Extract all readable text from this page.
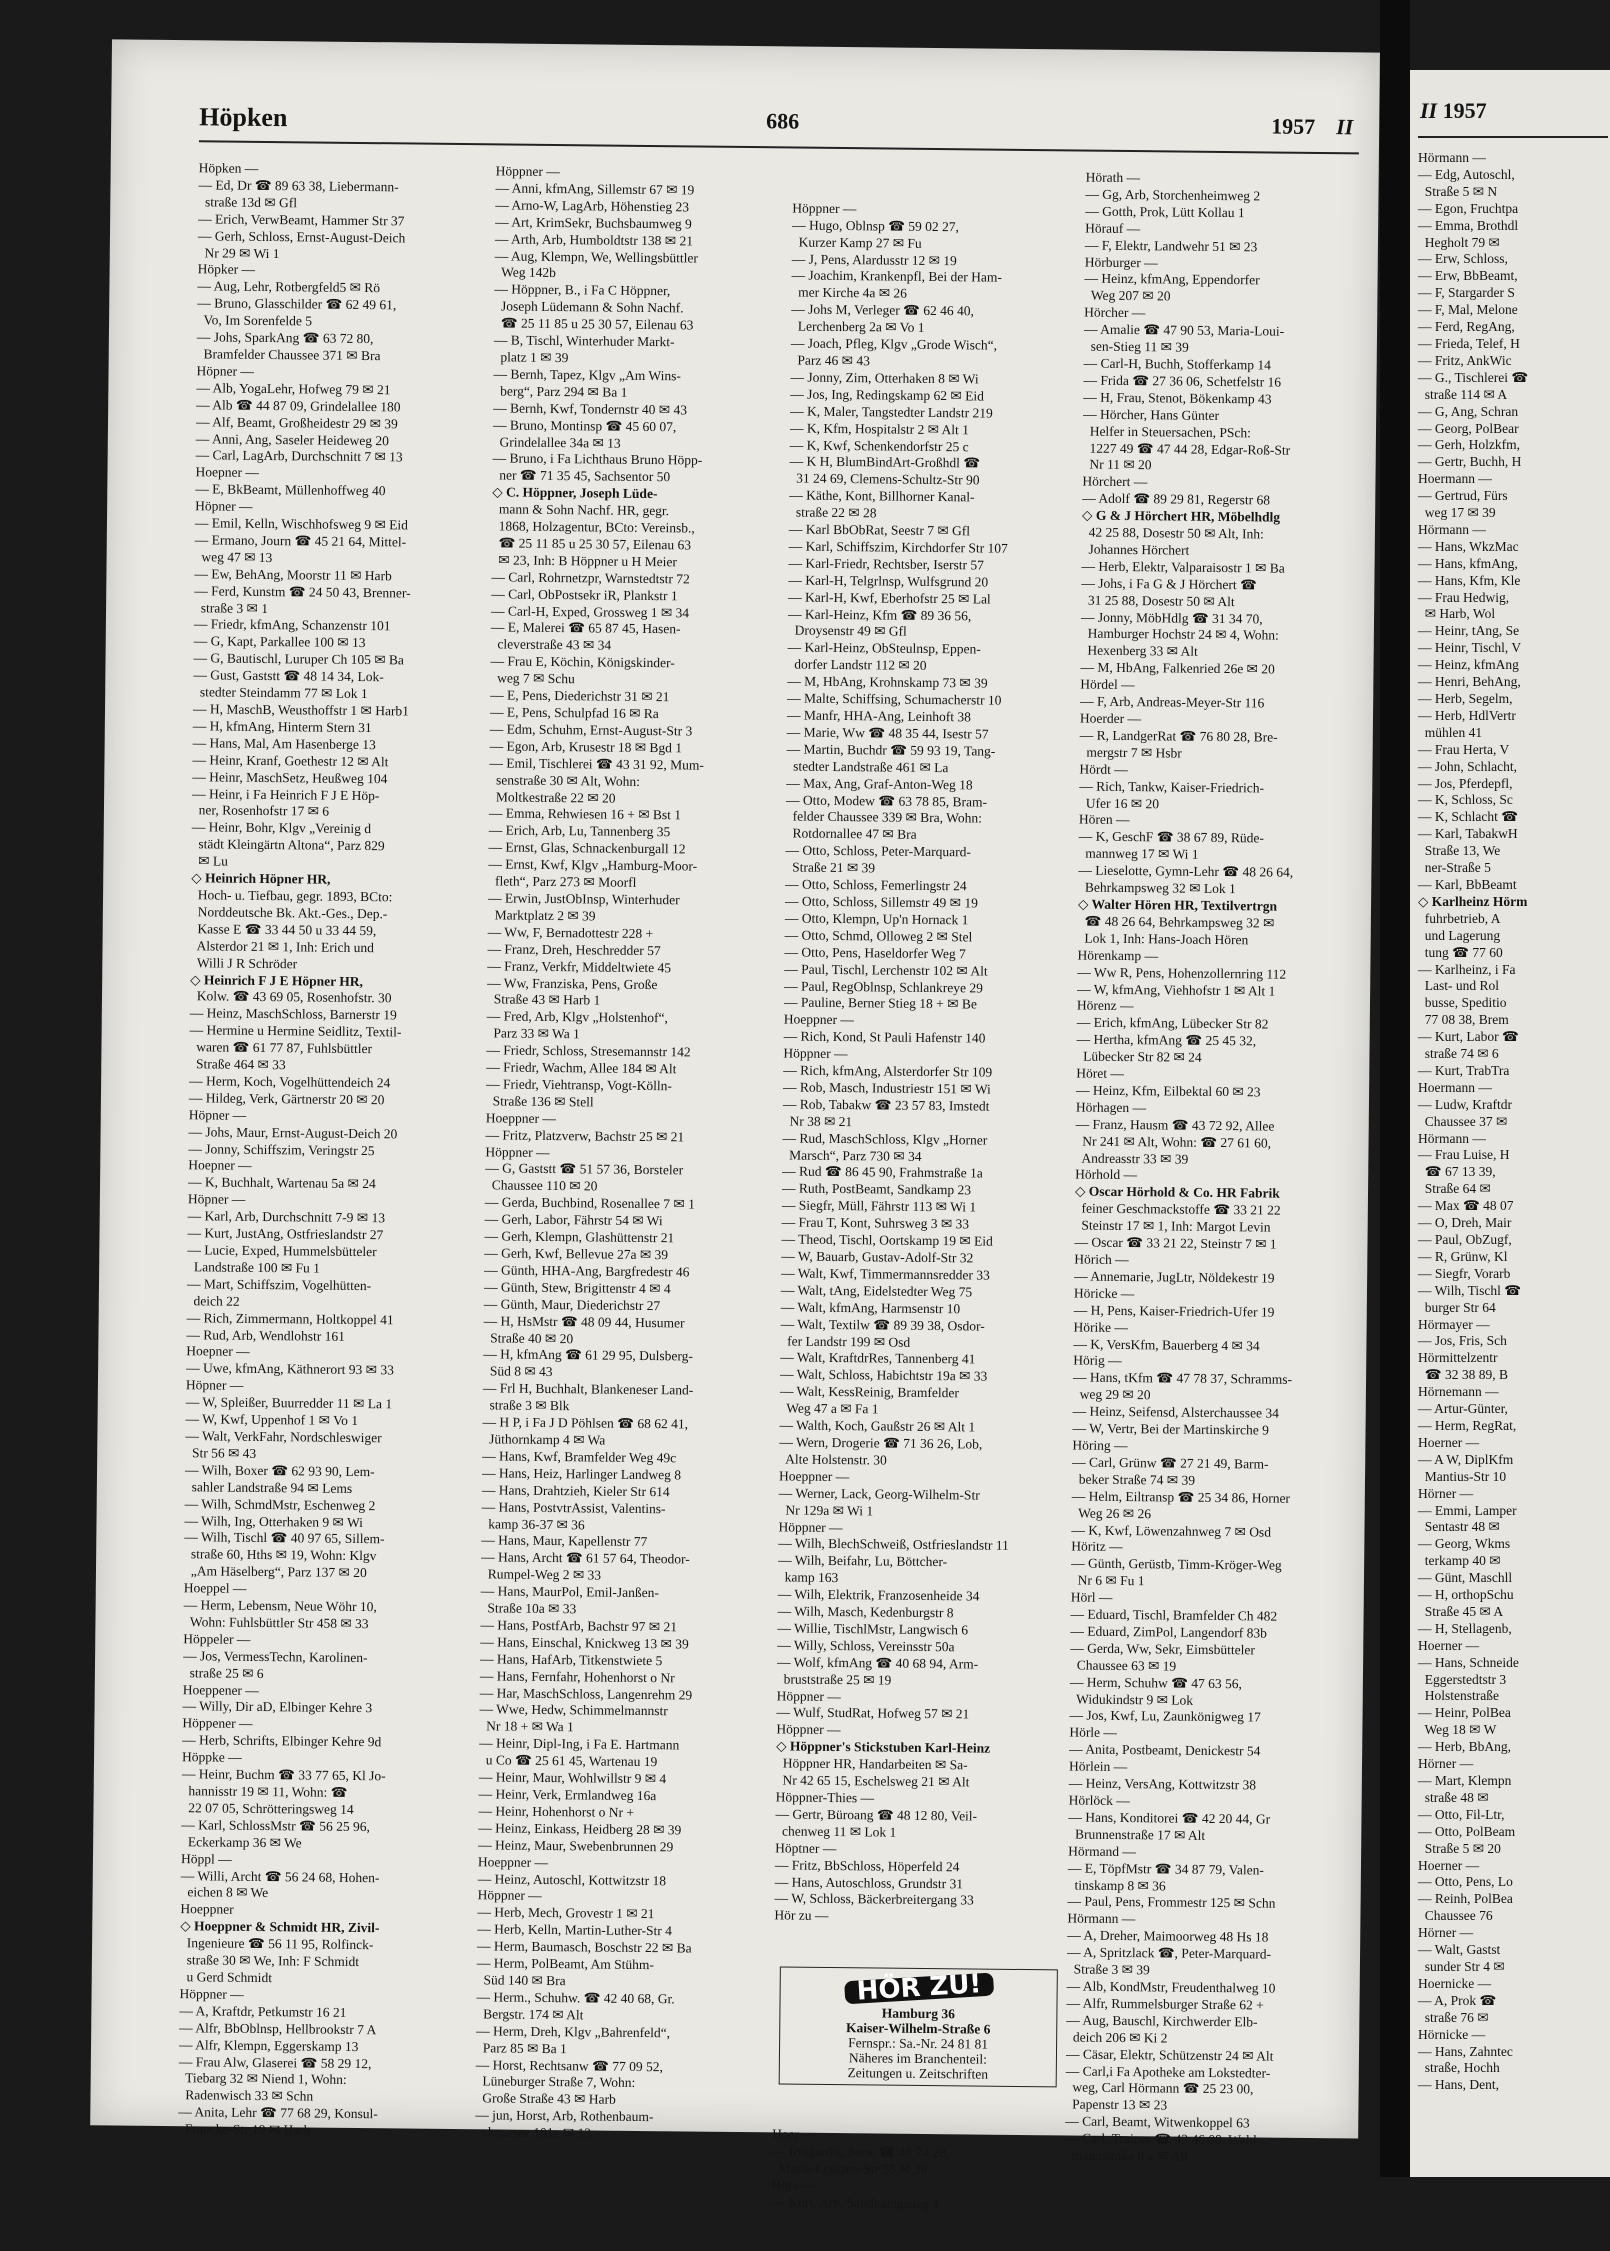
Höpken	686	1957 II
Höpken —
— Ed, Dr ☎ 89 63 38, Liebermann-
straße 13d ✉ Gfl
— Erich, VerwBeamt, Hammer Str 37
— Gerh, Schloss, Ernst-August-Deich
Nr 29 ✉ Wi 1
Höpker —
— Aug, Lehr, Rotbergfeld5 ✉ Rö
— Bruno, Glasschilder ☎ 62 49 61,
Vo, Im Sorenfelde 5
— Johs, SparkAng ☎ 63 72 80,
Bramfelder Chaussee 371 ✉ Bra
Höpner —
— Alb, YogaLehr, Hofweg 79 ✉ 21
— Alb ☎ 44 87 09, Grindelallee 180
— Alf, Beamt, Großheidestr 29 ✉ 39
— Anni, Ang, Saseler Heideweg 20
— Carl, LagArb, Durchschnitt 7 ✉ 13
Hoepner —
— E, BkBeamt, Müllenhoffweg 40
Höpner —
— Emil, Kelln, Wischhofsweg 9 ✉ Eid
— Ermano, Journ ☎ 45 21 64, Mittel-
weg 47 ✉ 13
— Ew, BehAng, Moorstr 11 ✉ Harb
— Ferd, Kunstm ☎ 24 50 43, Brenner-
straße 3 ✉ 1
— Friedr, kfmAng, Schanzenstr 101
— G, Kapt, Parkallee 100 ✉ 13
— G, Bautischl, Luruper Ch 105 ✉ Ba
— Gust, Gaststt ☎ 48 14 34, Lok-
stedter Steindamm 77 ✉ Lok 1
— H, MaschB, Weusthoffstr 1 ✉ Harb1
— H, kfmAng, Hinterm Stern 31
— Hans, Mal, Am Hasenberge 13
— Heinr, Kranf, Goethestr 12 ✉ Alt
— Heinr, MaschSetz, Heußweg 104
— Heinr, i Fa Heinrich F J E Höp-
ner, Rosenhofstr 17 ✉ 6
— Heinr, Bohr, Klgv „Vereinig d
städt Kleingärtn Altona“, Parz 829
✉ Lu
◇ Heinrich Höpner HR,
Hoch- u. Tiefbau, gegr. 1893, BCto:
Norddeutsche Bk. Akt.-Ges., Dep.-
Kasse E ☎ 33 44 50 u 33 44 59,
Alsterdor 21 ✉ 1, Inh: Erich und
Willi J R Schröder
◇ Heinrich F J E Höpner HR,
Kolw. ☎ 43 69 05, Rosenhofstr. 30
— Heinz, MaschSchloss, Barnerstr 19
— Hermine u Hermine Seidlitz, Textil-
waren ☎ 61 77 87, Fuhlsbüttler
Straße 464 ✉ 33
— Herm, Koch, Vogelhüttendeich 24
— Hildeg, Verk, Gärtnerstr 20 ✉ 20
Höpner —
— Johs, Maur, Ernst-August-Deich 20
— Jonny, Schiffszim, Veringstr 25
Hoepner —
— K, Buchhalt, Wartenau 5a ✉ 24
Höpner —
— Karl, Arb, Durchschnitt 7-9 ✉ 13
— Kurt, JustAng, Ostfrieslandstr 27
— Lucie, Exped, Hummelsbütteler
Landstraße 100 ✉ Fu 1
— Mart, Schiffszim, Vogelhütten-
deich 22
— Rich, Zimmermann, Holtkoppel 41
— Rud, Arb, Wendlohstr 161
Hoepner —
— Uwe, kfmAng, Käthnerort 93 ✉ 33
Höpner —
— W, Spleißer, Buurredder 11 ✉ La 1
— W, Kwf, Uppenhof 1 ✉ Vo 1
— Walt, VerkFahr, Nordschleswiger
Str 56 ✉ 43
— Wilh, Boxer ☎ 62 93 90, Lem-
sahler Landstraße 94 ✉ Lems
— Wilh, SchmdMstr, Eschenweg 2
— Wilh, Ing, Otterhaken 9 ✉ Wi
— Wilh, Tischl ☎ 40 97 65, Sillem-
straße 60, Hths ✉ 19, Wohn: Klgv
„Am Häselberg“, Parz 137 ✉ 20
Hoeppel —
— Herm, Lebensm, Neue Wöhr 10,
Wohn: Fuhlsbüttler Str 458 ✉ 33
Höppeler —
— Jos, VermessTechn, Karolinen-
straße 25 ✉ 6
Hoeppener —
— Willy, Dir aD, Elbinger Kehre 3
Höppener —
— Herb, Schrifts, Elbinger Kehre 9d
Höppke —
— Heinr, Buchm ☎ 33 77 65, Kl Jo-
hannisstr 19 ✉ 11, Wohn: ☎
22 07 05, Schrötteringsweg 14
— Karl, SchlossMstr ☎ 56 25 96,
Eckerkamp 36 ✉ We
Höppl —
— Willi, Archt ☎ 56 24 68, Hohen-
eichen 8 ✉ We
Hoeppner
◇ Hoeppner & Schmidt HR, Zivil-
Ingenieure ☎ 56 11 95, Rolfinck-
straße 30 ✉ We, Inh: F Schmidt
u Gerd Schmidt
Höppner —
— A, Kraftdr, Petkumstr 16 21
— Alfr, BbOblnsp, Hellbrookstr 7 A
— Alfr, Klempn, Eggerskamp 13
— Frau Alw, Glaserei ☎ 58 29 12,
Tiebarg 32 ✉ Niend 1, Wohn:
Radenwisch 33 ✉ Schn
— Anita, Lehr ☎ 77 68 29, Konsul-
Francke-Str 19 ✉ Harb
Höppner —
— Anni, kfmAng, Sillemstr 67 ✉ 19
— Arno-W, LagArb, Höhenstieg 23
— Art, KrimSekr, Buchsbaumweg 9
— Arth, Arb, Humboldtstr 138 ✉ 21
— Aug, Klempn, We, Wellingsbüttler
Weg 142b
— Höppner, B., i Fa C Höppner,
Joseph Lüdemann & Sohn Nachf.
☎ 25 11 85 u 25 30 57, Eilenau 63
— B, Tischl, Winterhuder Markt-
platz 1 ✉ 39
— Bernh, Tapez, Klgv „Am Wins-
berg“, Parz 294 ✉ Ba 1
— Bernh, Kwf, Tondernstr 40 ✉ 43
— Bruno, Montinsp ☎ 45 60 07,
Grindelallee 34a ✉ 13
— Bruno, i Fa Lichthaus Bruno Höpp-
ner ☎ 71 35 45, Sachsentor 50
◇ C. Höppner, Joseph Lüde-
mann & Sohn Nachf. HR, gegr.
1868, Holzagentur, BCto: Vereinsb.,
☎ 25 11 85 u 25 30 57, Eilenau 63
✉ 23, Inh: B Höppner u H Meier
— Carl, Rohrnetzpr, Warnstedtstr 72
— Carl, ObPostsekr iR, Plankstr 1
— Carl-H, Exped, Grossweg 1 ✉ 34
— E, Malerei ☎ 65 87 45, Hasen-
cleverstraße 43 ✉ 34
— Frau E, Köchin, Königskinder-
weg 7 ✉ Schu
— E, Pens, Diederichstr 31 ✉ 21
— E, Pens, Schulpfad 16 ✉ Ra
— Edm, Schuhm, Ernst-August-Str 3
— Egon, Arb, Krusestr 18 ✉ Bgd 1
— Emil, Tischlerei ☎ 43 31 92, Mum-
senstraße 30 ✉ Alt, Wohn:
Moltkestraße 22 ✉ 20
— Emma, Rehwiesen 16 + ✉ Bst 1
— Erich, Arb, Lu, Tannenberg 35
— Ernst, Glas, Schnackenburgall 12
— Ernst, Kwf, Klgv „Hamburg-Moor-
fleth“, Parz 273 ✉ Moorfl
— Erwin, JustObInsp, Winterhuder
Marktplatz 2 ✉ 39
— Ww, F, Bernadottestr 228 +
— Franz, Dreh, Heschredder 57
— Franz, Verkfr, Middeltwiete 45
— Ww, Franziska, Pens, Große
Straße 43 ✉ Harb 1
— Fred, Arb, Klgv „Holstenhof“,
Parz 33 ✉ Wa 1
— Friedr, Schloss, Stresemannstr 142
— Friedr, Wachm, Allee 184 ✉ Alt
— Friedr, Viehtransp, Vogt-Kölln-
Straße 136 ✉ Stell
Hoeppner —
— Fritz, Platzverw, Bachstr 25 ✉ 21
Höppner —
— G, Gaststt ☎ 51 57 36, Borsteler
Chaussee 110 ✉ 20
— Gerda, Buchbind, Rosenallee 7 ✉ 1
— Gerh, Labor, Fährstr 54 ✉ Wi
— Gerh, Klempn, Glashüttenstr 21
— Gerh, Kwf, Bellevue 27a ✉ 39
— Günth, HHA-Ang, Bargfredestr 46
— Günth, Stew, Brigittenstr 4 ✉ 4
— Günth, Maur, Diederichstr 27
— H, HsMstr ☎ 48 09 44, Husumer
Straße 40 ✉ 20
— H, kfmAng ☎ 61 29 95, Dulsberg-
Süd 8 ✉ 43
— Frl H, Buchhalt, Blankeneser Land-
straße 3 ✉ Blk
— H P, i Fa J D Pöhlsen ☎ 68 62 41,
Jüthornkamp 4 ✉ Wa
— Hans, Kwf, Bramfelder Weg 49c
— Hans, Heiz, Harlinger Landweg 8
— Hans, Drahtzieh, Kieler Str 614
— Hans, PostvtrAssist, Valentins-
kamp 36-37 ✉ 36
— Hans, Maur, Kapellenstr 77
— Hans, Archt ☎ 61 57 64, Theodor-
Rumpel-Weg 2 ✉ 33
— Hans, MaurPol, Emil-Janßen-
Straße 10a ✉ 33
— Hans, PostfArb, Bachstr 97 ✉ 21
— Hans, Einschal, Knickweg 13 ✉ 39
— Hans, HafArb, Titkenstwiete 5
— Hans, Fernfahr, Hohenhorst o Nr
— Har, MaschSchloss, Langenrehm 29
— Wwe, Hedw, Schimmelmannstr
Nr 18 + ✉ Wa 1
— Heinr, Dipl-Ing, i Fa E. Hartmann
u Co ☎ 25 61 45, Wartenau 19
— Heinr, Maur, Wohlwillstr 9 ✉ 4
— Heinr, Verk, Ermlandweg 16a
— Heinr, Hohenhorst o Nr +
— Heinz, Einkass, Heidberg 28 ✉ 39
— Heinz, Maur, Swebenbrunnen 29
Hoeppner —
— Heinz, Autoschl, Kottwitzstr 18
Höppner —
— Herb, Mech, Grovestr 1 ✉ 21
— Herb, Kelln, Martin-Luther-Str 4
— Herm, Baumasch, Boschstr 22 ✉ Ba
— Herm, PolBeamt, Am Stühm-
Süd 140 ✉ Bra
— Herm., Schuhw. ☎ 42 40 68, Gr.
Bergstr. 174 ✉ Alt
— Herm, Dreh, Klgv „Bahrenfeld“,
Parz 85 ✉ Ba 1
— Horst, Rechtsanw ☎ 77 09 52,
Lüneburger Straße 7, Wohn:
Große Straße 43 ✉ Harb
— jun, Horst, Arb, Rothenbaum-
chaussee 101e ✉ 13

Höppner —
— Hugo, Oblnsp ☎ 59 02 27,
Kurzer Kamp 27 ✉ Fu
— J, Pens, Alardusstr 12 ✉ 19
— Joachim, Krankenpfl, Bei der Ham-
mer Kirche 4a ✉ 26
— Johs M, Verleger ☎ 62 46 40,
Lerchenberg 2a ✉ Vo 1
— Joach, Pfleg, Klgv „Grode Wisch“,
Parz 46 ✉ 43
— Jonny, Zim, Otterhaken 8 ✉ Wi
— Jos, Ing, Redingskamp 62 ✉ Eid
— K, Maler, Tangstedter Landstr 219
— K, Kfm, Hospitalstr 2 ✉ Alt 1
— K, Kwf, Schenkendorfstr 25 c
— K H, BlumBindArt-Großhdl ☎
31 24 69, Clemens-Schultz-Str 90
— Käthe, Kont, Billhorner Kanal-
straße 22 ✉ 28
— Karl BbObRat, Seestr 7 ✉ Gfl
— Karl, Schiffszim, Kirchdorfer Str 107
— Karl-Friedr, Rechtsber, Iserstr 57
— Karl-H, Telgrlnsp, Wulfsgrund 20
— Karl-H, Kwf, Eberhofstr 25 ✉ Lal
— Karl-Heinz, Kfm ☎ 89 36 56,
Droysenstr 49 ✉ Gfl
— Karl-Heinz, ObSteulnsp, Eppen-
dorfer Landstr 112 ✉ 20
— M, HbAng, Krohnskamp 73 ✉ 39
— Malte, Schiffsing, Schumacherstr 10
— Manfr, HHA-Ang, Leinhoft 38
— Marie, Ww ☎ 48 35 44, Isestr 57
— Martin, Buchdr ☎ 59 93 19, Tang-
stedter Landstraße 461 ✉ La
— Max, Ang, Graf-Anton-Weg 18
— Otto, Modew ☎ 63 78 85, Bram-
felder Chaussee 339 ✉ Bra, Wohn:
Rotdornallee 47 ✉ Bra
— Otto, Schloss, Peter-Marquard-
Straße 21 ✉ 39
— Otto, Schloss, Femerlingstr 24
— Otto, Schloss, Sillemstr 49 ✉ 19
— Otto, Klempn, Up'n Hornack 1
— Otto, Schmd, Olloweg 2 ✉ Stel
— Otto, Pens, Haseldorfer Weg 7
— Paul, Tischl, Lerchenstr 102 ✉ Alt
— Paul, RegOblnsp, Schlankreye 29
— Pauline, Berner Stieg 18 + ✉ Be
Hoeppner —
— Rich, Kond, St Pauli Hafenstr 140
Höppner —
— Rich, kfmAng, Alsterdorfer Str 109
— Rob, Masch, Industriestr 151 ✉ Wi
— Rob, Tabakw ☎ 23 57 83, Imstedt
Nr 38 ✉ 21
— Rud, MaschSchloss, Klgv „Horner
Marsch“, Parz 730 ✉ 34
— Rud ☎ 86 45 90, Frahmstraße 1a
— Ruth, PostBeamt, Sandkamp 23
— Siegfr, Müll, Fährstr 113 ✉ Wi 1
— Frau T, Kont, Suhrsweg 3 ✉ 33
— Theod, Tischl, Oortskamp 19 ✉ Eid
— W, Bauarb, Gustav-Adolf-Str 32
— Walt, Kwf, Timmermannsredder 33
— Walt, tAng, Eidelstedter Weg 75
— Walt, kfmAng, Harmsenstr 10
— Walt, Textilw ☎ 89 39 38, Osdor-
fer Landstr 199 ✉ Osd
— Walt, KraftdrRes, Tannenberg 41
— Walt, Schloss, Habichtstr 19a ✉ 33
— Walt, KessReinig, Bramfelder
Weg 47 a ✉ Fa 1
— Walth, Koch, Gaußstr 26 ✉ Alt 1
— Wern, Drogerie ☎ 71 36 26, Lob,
Alte Holstenstr. 30
Hoeppner —
— Werner, Lack, Georg-Wilhelm-Str
Nr 129a ✉ Wi 1
Höppner —
— Wilh, BlechSchweiß, Ostfrieslandstr 11
— Wilh, Beifahr, Lu, Böttcher-
kamp 163
— Wilh, Elektrik, Franzosenheide 34
— Wilh, Masch, Kedenburgstr 8
— Willie, TischlMstr, Langwisch 6
— Willy, Schloss, Vereinsstr 50a
— Wolf, kfmAng ☎ 40 68 94, Arm-
bruststraße 25 ✉ 19
Höppner —
— Wulf, StudRat, Hofweg 57 ✉ 21
Höppner —
◇ Höppner's Stickstuben Karl-Heinz
Höppner HR, Handarbeiten ✉ Sa-
Nr 42 65 15, Eschelsweg 21 ✉ Alt
Höppner-Thies —
— Gertr, Büroang ☎ 48 12 80, Veil-
chenweg 11 ✉ Lok 1
Höptner —
— Fritz, BbSchloss, Höperfeld 24
— Hans, Autoschloss, Grundstr 31
— W, Schloss, Bäckerbreitergang 33
Hör zu —

HÖR ZU!
Hamburg 36
Kaiser-Wilhelm-Straße 6
Fernspr.: Sa.-Nr. 24 81 81
Näheres im Branchenteil:
Zeitungen u. Zeitschriften

Hoer —
— Irmgardis, Stew ☎ 48 74 28,
Maria-Louisen-Str 55 ✉ 39
Höra —
— Kurt, Arb, Sandkampstieg 1

Hörath —
— Gg, Arb, Storchenheimweg 2
— Gotth, Prok, Lütt Kollau 1
Hörauf —
— F, Elektr, Landwehr 51 ✉ 23
Hörburger —
— Heinz, kfmAng, Eppendorfer
Weg 207 ✉ 20
Hörcher —
— Amalie ☎ 47 90 53, Maria-Loui-
sen-Stieg 11 ✉ 39
— Carl-H, Buchh, Stofferkamp 14
— Frida ☎ 27 36 06, Schetfelstr 16
— H, Frau, Stenot, Bökenkamp 43
— Hörcher, Hans Günter
Helfer in Steuersachen, PSch:
1227 49 ☎ 47 44 28, Edgar-Roß-Str
Nr 11 ✉ 20
Hörchert —
— Adolf ☎ 89 29 81, Regerstr 68
◇ G & J Hörchert HR, Möbelhdlg
42 25 88, Dosestr 50 ✉ Alt, Inh:
Johannes Hörchert
— Herb, Elektr, Valparaisostr 1 ✉ Ba
— Johs, i Fa G & J Hörchert ☎
31 25 88, Dosestr 50 ✉ Alt
— Jonny, MöbHdlg ☎ 31 34 70,
Hamburger Hochstr 24 ✉ 4, Wohn:
Hexenberg 33 ✉ Alt
— M, HbAng, Falkenried 26e ✉ 20
Hördel —
— F, Arb, Andreas-Meyer-Str 116
Hoerder —
— R, LandgerRat ☎ 76 80 28, Bre-
mergstr 7 ✉ Hsbr
Hördt —
— Rich, Tankw, Kaiser-Friedrich-
Ufer 16 ✉ 20
Hören —
— K, GeschF ☎ 38 67 89, Rüde-
mannweg 17 ✉ Wi 1
— Lieselotte, Gymn-Lehr ☎ 48 26 64,
Behrkampsweg 32 ✉ Lok 1
◇ Walter Hören HR, Textilvertrgn
☎ 48 26 64, Behrkampsweg 32 ✉
Lok 1, Inh: Hans-Joach Hören
Hörenkamp —
— Ww R, Pens, Hohenzollernring 112
— W, kfmAng, Viehhofstr 1 ✉ Alt 1
Hörenz —
— Erich, kfmAng, Lübecker Str 82
— Hertha, kfmAng ☎ 25 45 32,
Lübecker Str 82 ✉ 24
Höret —
— Heinz, Kfm, Eilbektal 60 ✉ 23
Hörhagen —
— Franz, Hausm ☎ 43 72 92, Allee
Nr 241 ✉ Alt, Wohn: ☎ 27 61 60,
Andreasstr 33 ✉ 39
Hörhold —
◇ Oscar Hörhold & Co. HR Fabrik
feiner Geschmackstoffe ☎ 33 21 22
Steinstr 17 ✉ 1, Inh: Margot Levin
— Oscar ☎ 33 21 22, Steinstr 7 ✉ 1
Hörich —
— Annemarie, JugLtr, Nöldekestr 19
Höricke —
— H, Pens, Kaiser-Friedrich-Ufer 19
Hörike —
— K, VersKfm, Bauerberg 4 ✉ 34
Hörig —
— Hans, tKfm ☎ 47 78 37, Schramms-
weg 29 ✉ 20
— Heinz, Seifensd, Alsterchaussee 34
— W, Vertr, Bei der Martinskirche 9
Höring —
— Carl, Grünw ☎ 27 21 49, Barm-
beker Straße 74 ✉ 39
— Helm, Eiltransp ☎ 25 34 86, Horner
Weg 26 ✉ 26
— K, Kwf, Löwenzahnweg 7 ✉ Osd
Höritz —
— Günth, Gerüstb, Timm-Kröger-Weg
Nr 6 ✉ Fu 1
Hörl —
— Eduard, Tischl, Bramfelder Ch 482
— Eduard, ZimPol, Langendorf 83b
— Gerda, Ww, Sekr, Eimsbütteler
Chaussee 63 ✉ 19
— Herm, Schuhw ☎ 47 63 56,
Widukindstr 9 ✉ Lok
— Jos, Kwf, Lu, Zaunkönigweg 17
Hörle —
— Anita, Postbeamt, Denickestr 54
Hörlein —
— Heinz, VersAng, Kottwitzstr 38
Hörlöck —
— Hans, Konditorei ☎ 42 20 44, Gr
Brunnenstraße 17 ✉ Alt
Hörmand —
— E, TöpfMstr ☎ 34 87 79, Valen-
tinskamp 8 ✉ 36
— Paul, Pens, Frommestr 125 ✉ Schn
Hörmann —
— A, Dreher, Maimoorweg 48 Hs 18
— A, Spritzlack ☎, Peter-Marquard-
Straße 3 ✉ 39
— Alb, KondMstr, Freudenthalweg 10
— Alfr, Rummelsburger Straße 62 +
— Aug, Bauschl, Kirchwerder Elb-
deich 206 ✉ Ki 2
— Cäsar, Elektr, Schützenstr 24 ✉ Alt
— Carl,i Fa Apotheke am Lokstedter-
weg, Carl Hörmann ☎ 25 23 00,
Papenstr 13 ✉ 23
— Carl, Beamt, Witwenkoppel 63
— Carl, Trainer ☎ 43 46 08, Wald-
mannstraße 8 a ✉ Alt
II 1957
Hörmann —
— Edg, Autoschl,
Straße 5 ✉ N
— Egon, Fruchtpa
— Emma, Brothdl
Hegholt 79 ✉
— Erw, Schloss,
— Erw, BbBeamt,
— F, Stargarder S
— F, Mal, Melone
— Ferd, RegAng,
— Frieda, Telef, H
— Fritz, AnkWic
— G., Tischlerei ☎
straße 114 ✉ A
— G, Ang, Schran
— Georg, PolBear
— Gerh, Holzkfm,
— Gertr, Buchh, H
Hoermann —
— Gertrud, Fürs
weg 17 ✉ 39
Hörmann —
— Hans, WkzMac
— Hans, kfmAng,
— Hans, Kfm, Kle
— Frau Hedwig,
✉ Harb, Wol
— Heinr, tAng, Se
— Heinr, Tischl, V
— Heinz, kfmAng
— Henri, BehAng,
— Herb, Segelm,
— Herb, HdlVertr
mühlen 41
— Frau Herta, V
— John, Schlacht,
— Jos, Pferdepfl,
— K, Schloss, Sc
— K, Schlacht ☎
— Karl, TabakwH
Straße 13, We
ner-Straße 5
— Karl, BbBeamt
◇ Karlheinz Hörm
fuhrbetrieb, A
und Lagerung
tung ☎ 77 60
— Karlheinz, i Fa
Last- und Rol
busse, Speditio
77 08 38, Brem
— Kurt, Labor ☎
straße 74 ✉ 6
— Kurt, TrabTra
Hoermann —
— Ludw, Kraftdr
Chaussee 37 ✉
Hörmann —
— Frau Luise, H
☎ 67 13 39,
Straße 64 ✉
— Max ☎ 48 07
— O, Dreh, Mair
— Paul, ObZugf,
— R, Grünw, Kl
— Siegfr, Vorarb
— Wilh, Tischl ☎
burger Str 64
Hörmayer —
— Jos, Fris, Sch
Hörmittelzentr
☎ 32 38 89, B
Hörnemann —
— Artur-Günter,
— Herm, RegRat,
Hoerner —
— A W, DiplKfm
Mantius-Str 10
Hörner —
— Emmi, Lamper
Sentastr 48 ✉
— Georg, Wkms
terkamp 40 ✉
— Günt, Maschll
— H, orthopSchu
Straße 45 ✉ A
— H, Stellagenb,
Hoerner —
— Hans, Schneide
Eggerstedtstr 3
Holstenstraße
— Heinr, PolBea
Weg 18 ✉ W
— Herb, BbAng,
Hörner —
— Mart, Klempn
straße 48 ✉
— Otto, Fil-Ltr,
— Otto, PolBeam
Straße 5 ✉ 20
Hoerner —
— Otto, Pens, Lo
— Reinh, PolBea
Chaussee 76
Hörner —
— Walt, Gastst
sunder Str 4 ✉
Hoernicke —
— A, Prok ☎
straße 76 ✉
Hörnicke —
— Hans, Zahntec
straße, Hochh
— Hans, Dent,
